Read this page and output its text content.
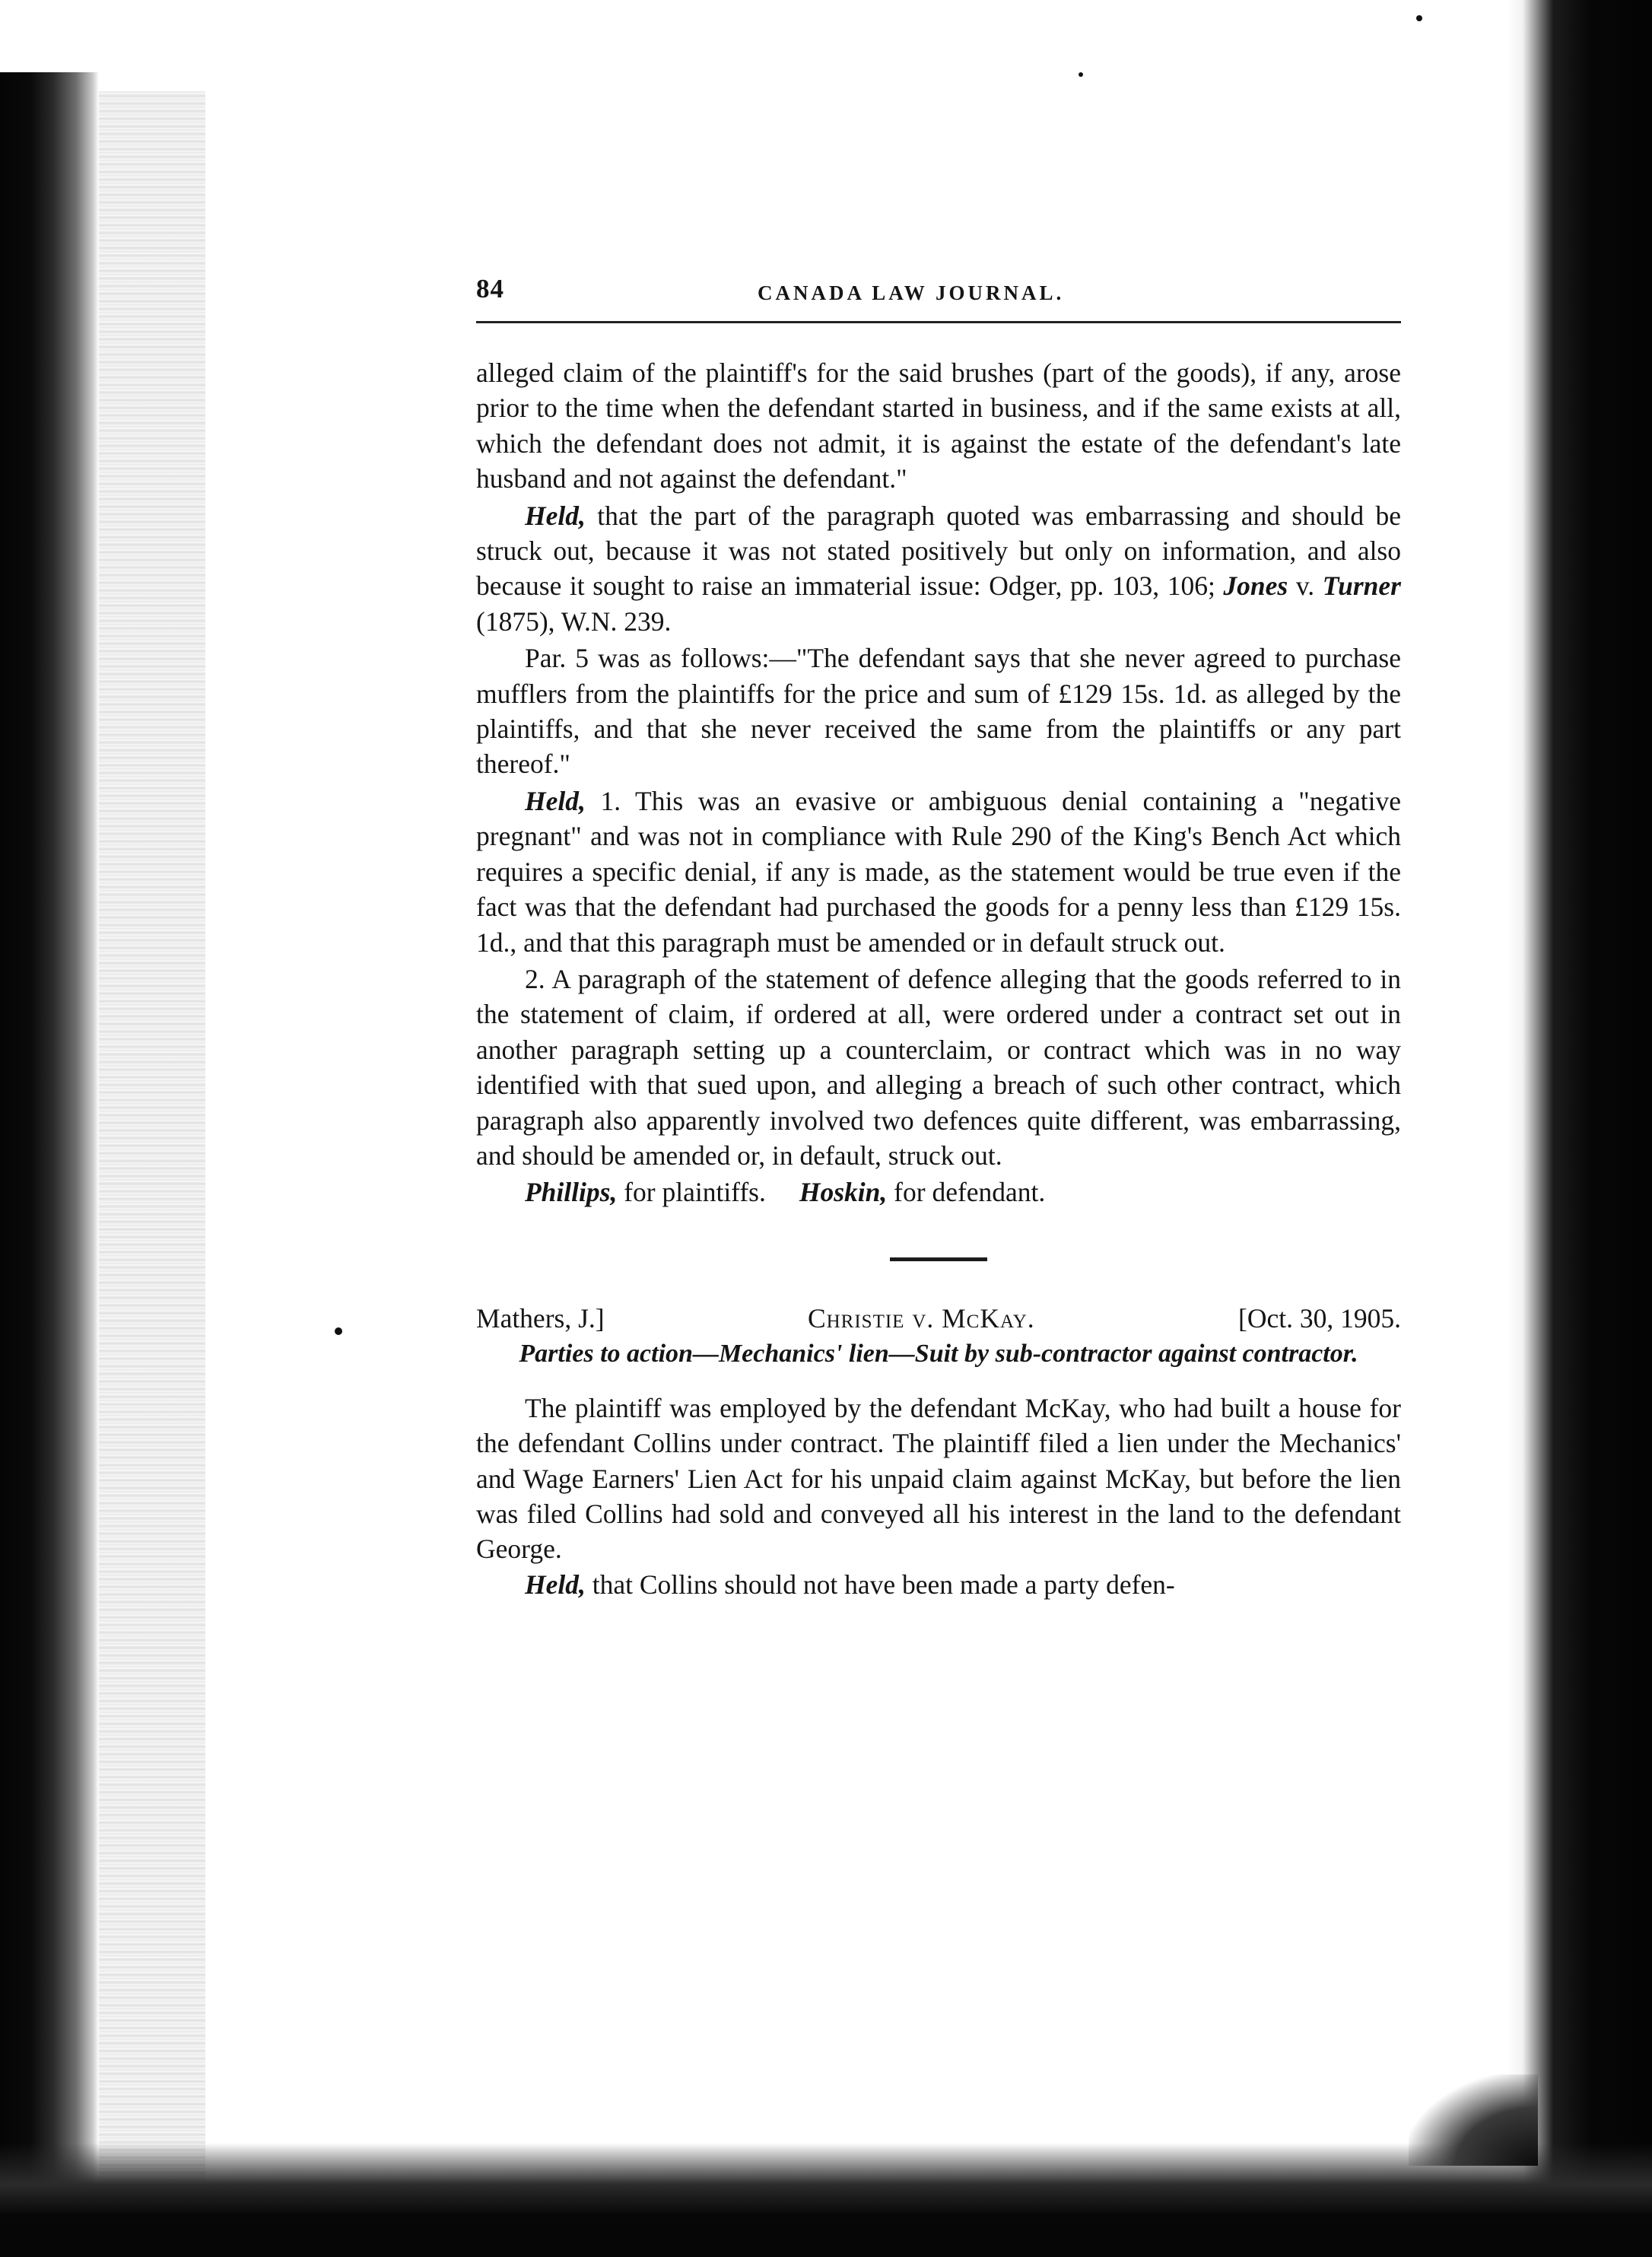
84	CANADA LAW JOURNAL.

alleged claim of the plaintiff's for the said brushes (part of the goods), if any, arose prior to the time when the defendant started in business, and if the same exists at all, which the defendant does not admit, it is against the estate of the defendant's late husband and not against the defendant."

Held, that the part of the paragraph quoted was embarrassing and should be struck out, because it was not stated positively but only on information, and also because it sought to raise an immaterial issue: Odger, pp. 103, 106; Jones v. Turner (1875), W.N. 239.

Par. 5 was as follows:—"The defendant says that she never agreed to purchase mufflers from the plaintiffs for the price and sum of £129 15s. 1d. as alleged by the plaintiffs, and that she never received the same from the plaintiffs or any part thereof."

Held, 1. This was an evasive or ambiguous denial containing a "negative pregnant" and was not in compliance with Rule 290 of the King's Bench Act which requires a specific denial, if any is made, as the statement would be true even if the fact was that the defendant had purchased the goods for a penny less than £129 15s. 1d., and that this paragraph must be amended or in default struck out.

2. A paragraph of the statement of defence alleging that the goods referred to in the statement of claim, if ordered at all, were ordered under a contract set out in another paragraph setting up a counterclaim, or contract which was in no way identified with that sued upon, and alleging a breach of such other contract, which paragraph also apparently involved two defences quite different, was embarrassing, and should be amended or, in default, struck out.

Phillips, for plaintiffs. Hoskin, for defendant.

Mathers, J.]	Christie v. McKay.	[Oct. 30, 1905.
Parties to action—Mechanics' lien—Suit by sub-contractor against contractor.

The plaintiff was employed by the defendant McKay, who had built a house for the defendant Collins under contract. The plaintiff filed a lien under the Mechanics' and Wage Earners' Lien Act for his unpaid claim against McKay, but before the lien was filed Collins had sold and conveyed all his interest in the land to the defendant George.

Held, that Collins should not have been made a party defen-
